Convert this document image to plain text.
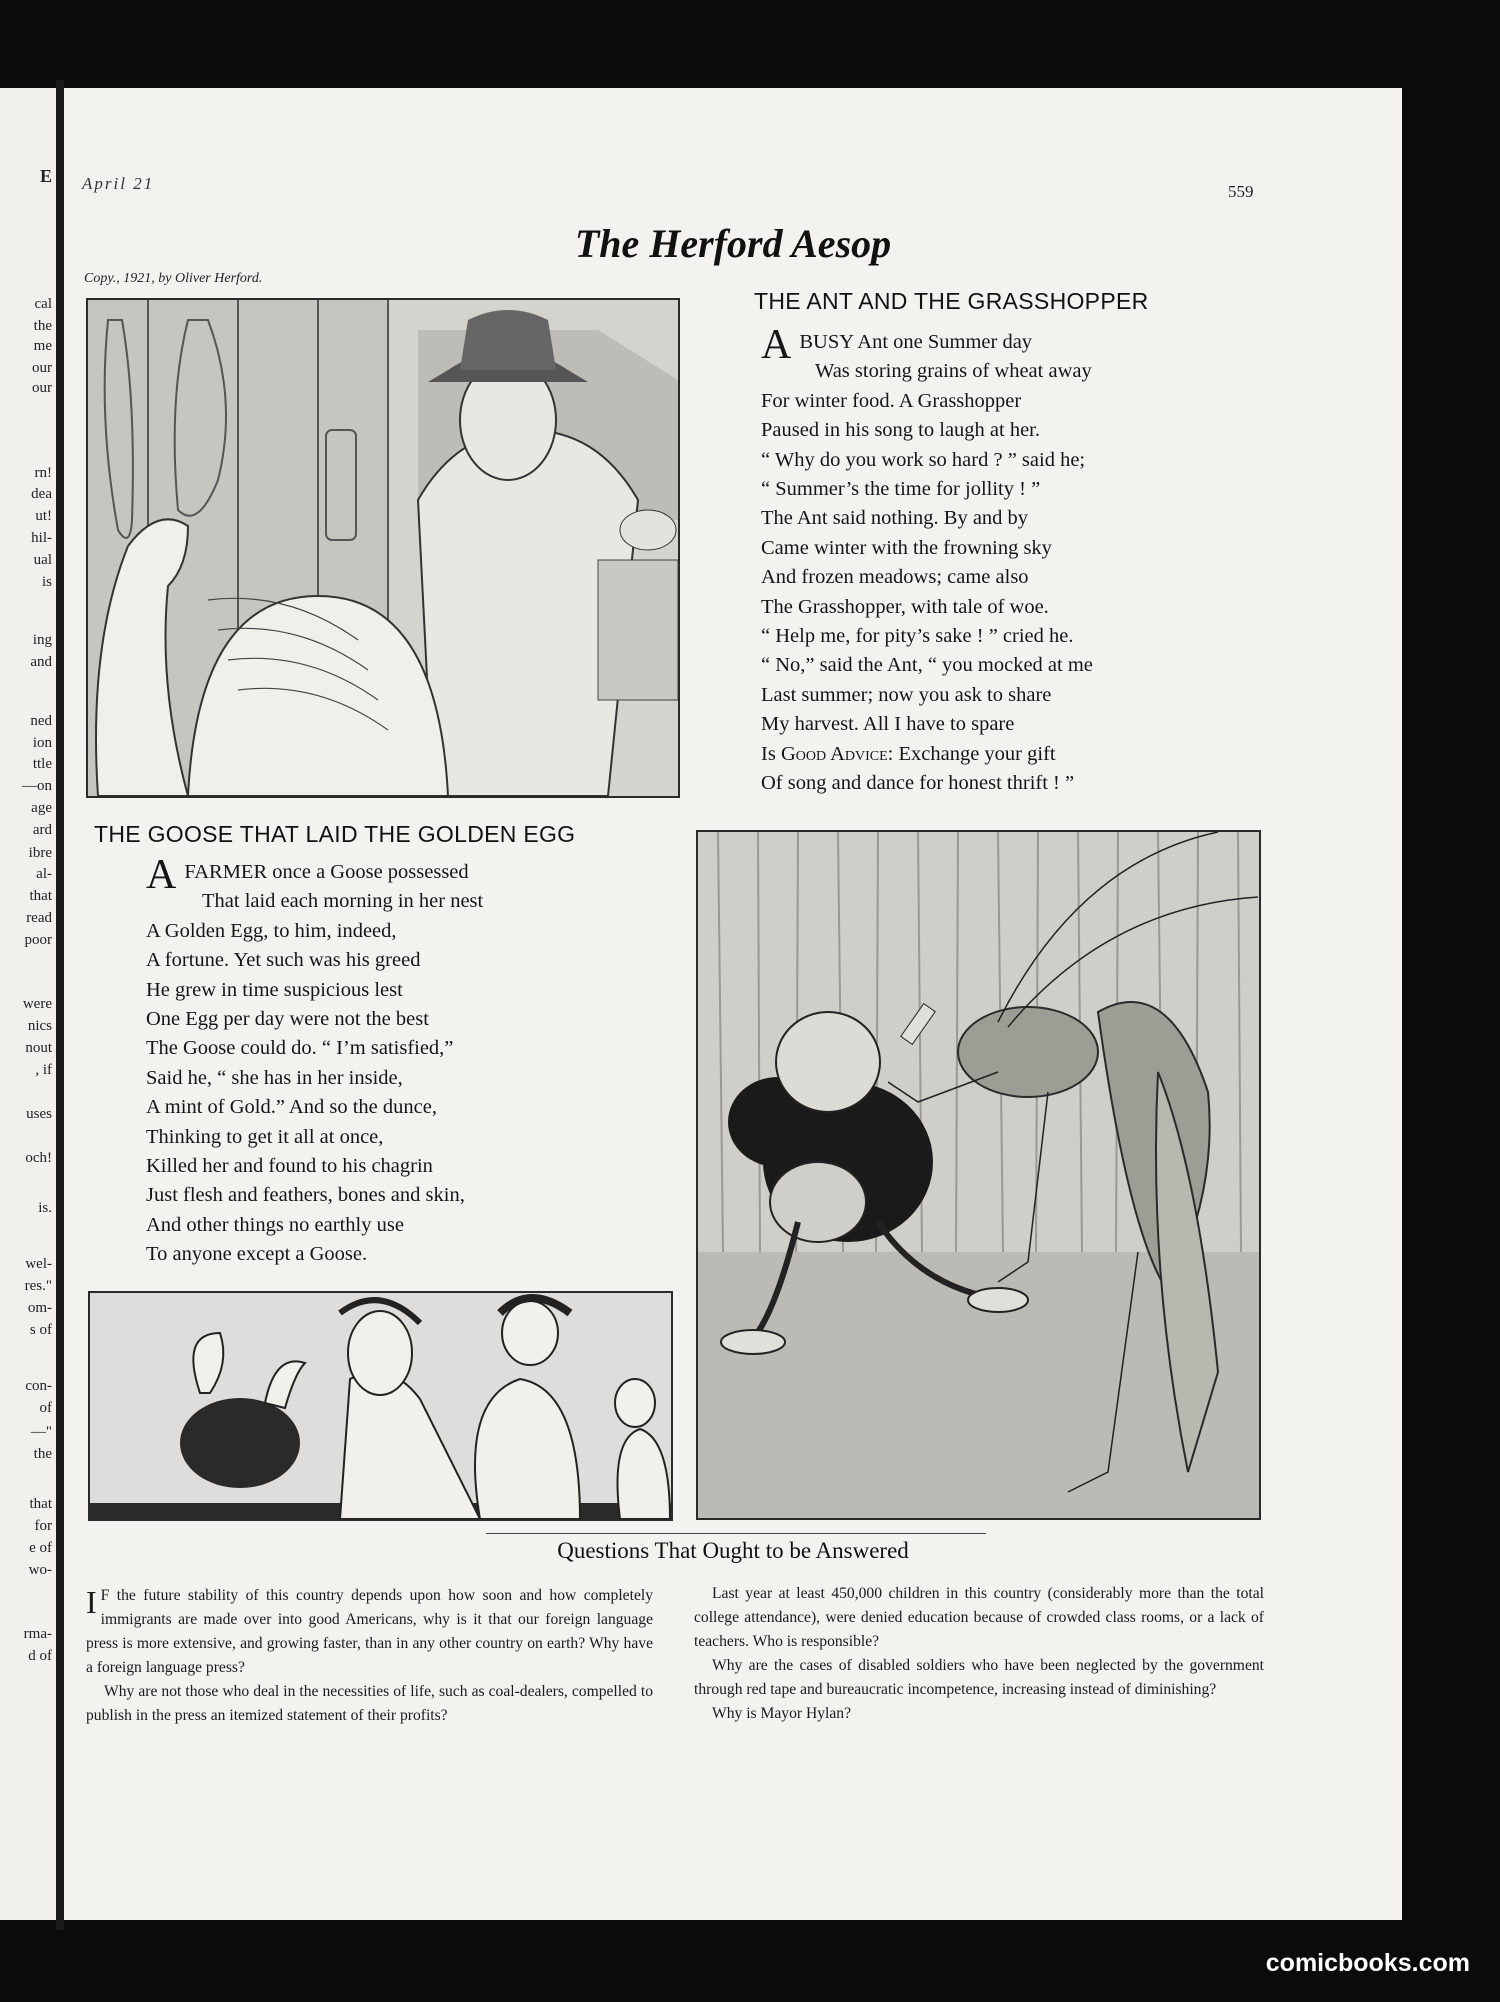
E
cal
the
me
our
our
rn!
dea
ut!
hil-
ual
is
ing
and
ned
ion
ttle
—on
age
ard
ibre
al-
that
read
poor
were
nics
nout
, if
uses
och!
is.
wel-
res."
om-
s of
con-
of
—"
the
that
for
e of
wo-
rma-
d of
April 21	559
The Herford Aesop
Copy., 1921, by Oliver Herford.
THE ANT AND THE GRASSHOPPER
ABUSY Ant one Summer day
Was storing grains of wheat away
For winter food. A Grasshopper
Paused in his song to laugh at her.
“ Why do you work so hard ? ” said he;
“ Summer’s the time for jollity ! ”
The Ant said nothing. By and by
Came winter with the frowning sky
And frozen meadows; came also
The Grasshopper, with tale of woe.
“ Help me, for pity’s sake ! ” cried he.
“ No,” said the Ant, “ you mocked at me
Last summer; now you ask to share
My harvest. All I have to spare
Is Good Advice: Exchange your gift
Of song and dance for honest thrift ! ”
THE GOOSE THAT LAID THE GOLDEN EGG
AFARMER once a Goose possessed
That laid each morning in her nest
A Golden Egg, to him, indeed,
A fortune. Yet such was his greed
He grew in time suspicious lest
One Egg per day were not the best
The Goose could do. “ I’m satisfied,”
Said he, “ she has in her inside,
A mint of Gold.” And so the dunce,
Thinking to get it all at once,
Killed her and found to his chagrin
Just flesh and feathers, bones and skin,
And other things no earthly use
To anyone except a Goose.
Questions That Ought to be Answered

I F the future stability of this country depends upon how soon and how completely immigrants are made over into good Americans, why is it that our foreign language press is more extensive, and growing faster, than in any other country on earth? Why have a foreign language press?

Why are not those who deal in the necessities of life, such as coal-dealers, compelled to publish in the press an itemized statement of their profits?

Last year at least 450,000 children in this country (considerably more than the total college attendance), were denied education because of crowded class rooms, or a lack of teachers. Who is responsible?

Why are the cases of disabled soldiers who have been neglected by the government through red tape and bureaucratic incompetence, increasing instead of diminishing?

Why is Mayor Hylan?

comicbooks.com
